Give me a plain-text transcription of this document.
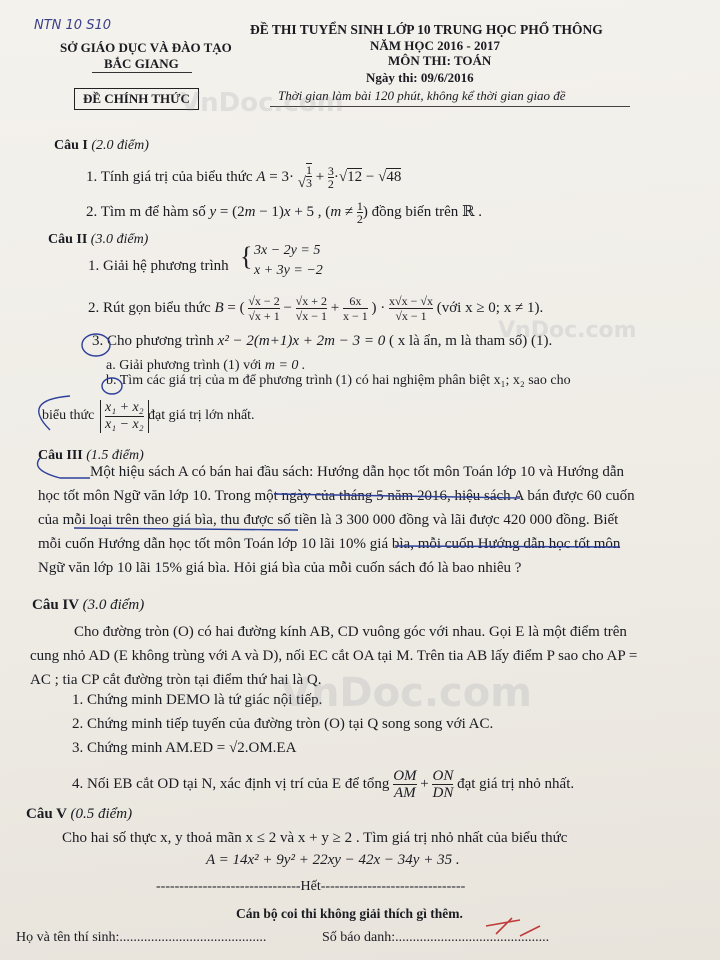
NTN 10 S10
SỞ GIÁO DỤC VÀ ĐÀO TẠO
BẮC GIANG
ĐỀ CHÍNH THỨC
ĐỀ THI TUYỂN SINH LỚP 10 TRUNG HỌC PHỔ THÔNG
NĂM HỌC 2016 - 2017
MÔN THI: TOÁN
Ngày thi: 09/6/2016
Thời gian làm bài 120 phút, không kể thời gian giao đề
Câu I (2.0 điểm)
1. Tính giá trị của biểu thức A = 3· √
1
3 + 3
2·√12 − √48
2. Tìm m để hàm số y = (2m − 1)x + 5 , (m ≠ 1
2) đồng biến trên ℝ .
Câu II (3.0 điểm)
1. Giải hệ phương trình { 3x − 2y = 5
x + 3y = −2
2. Rút gọn biểu thức B = ( √x − 2
√x + 1 − √x + 2
√x − 1 + 6x
x − 1 ) · x√x − √x
√x − 1 (với x ≥ 0; x ≠ 1).
3. Cho phương trình x² − 2(m+1)x + 2m − 3 = 0 ( x là ẩn, m là tham số) (1).
a. Giải phương trình (1) với m = 0 .
b. Tìm các giá trị của m để phương trình (1) có hai nghiệm phân biệt x₁; x₂ sao cho
biểu thức
x₁ + x₂
x₁ − x₂
đạt giá trị lớn nhất.
Câu III (1.5 điểm)
Một hiệu sách A có bán hai đầu sách: Hướng dẫn học tốt môn Toán lớp 10 và Hướng dẫn học tốt môn Ngữ văn lớp 10. Trong một ngày của tháng 5 năm 2016, hiệu sách A bán được 60 cuốn của mỗi loại trên theo giá bìa, thu được số tiền là 3 300 000 đồng và lãi được 420 000 đồng. Biết mỗi cuốn Hướng dẫn học tốt môn Toán lớp 10 lãi 10% giá bìa, mỗi cuốn Hướng dẫn học tốt môn Ngữ văn lớp 10 lãi 15% giá bìa. Hỏi giá bìa của mỗi cuốn sách đó là bao nhiêu ?
Câu IV (3.0 điểm)
Cho đường tròn (O) có hai đường kính AB, CD vuông góc với nhau. Gọi E là một điểm trên cung nhỏ AD (E không trùng với A và D), nối EC cắt OA tại M. Trên tia AB lấy điểm P sao cho AP = AC ; tia CP cắt đường tròn tại điểm thứ hai là Q.
1. Chứng minh DEMO là tứ giác nội tiếp.
2. Chứng minh tiếp tuyến của đường tròn (O) tại Q song song với AC.
3. Chứng minh AM.ED = √2.OM.EA
4. Nối EB cắt OD tại N, xác định vị trí của E để tổng OM
AM + ON
DN đạt giá trị nhỏ nhất.
Câu V (0.5 điểm)
Cho hai số thực x, y thoả mãn x ≤ 2 và x + y ≥ 2 . Tìm giá trị nhỏ nhất của biểu thức
A = 14x² + 9y² + 22xy − 42x − 34y + 35 .
-------------------------------Hết-------------------------------
Cán bộ coi thi không giải thích gì thêm.
Họ và tên thí sinh:..........................................	Số báo danh:............................................
VnDoc.com
VnDoc.com
VnDoc.com
